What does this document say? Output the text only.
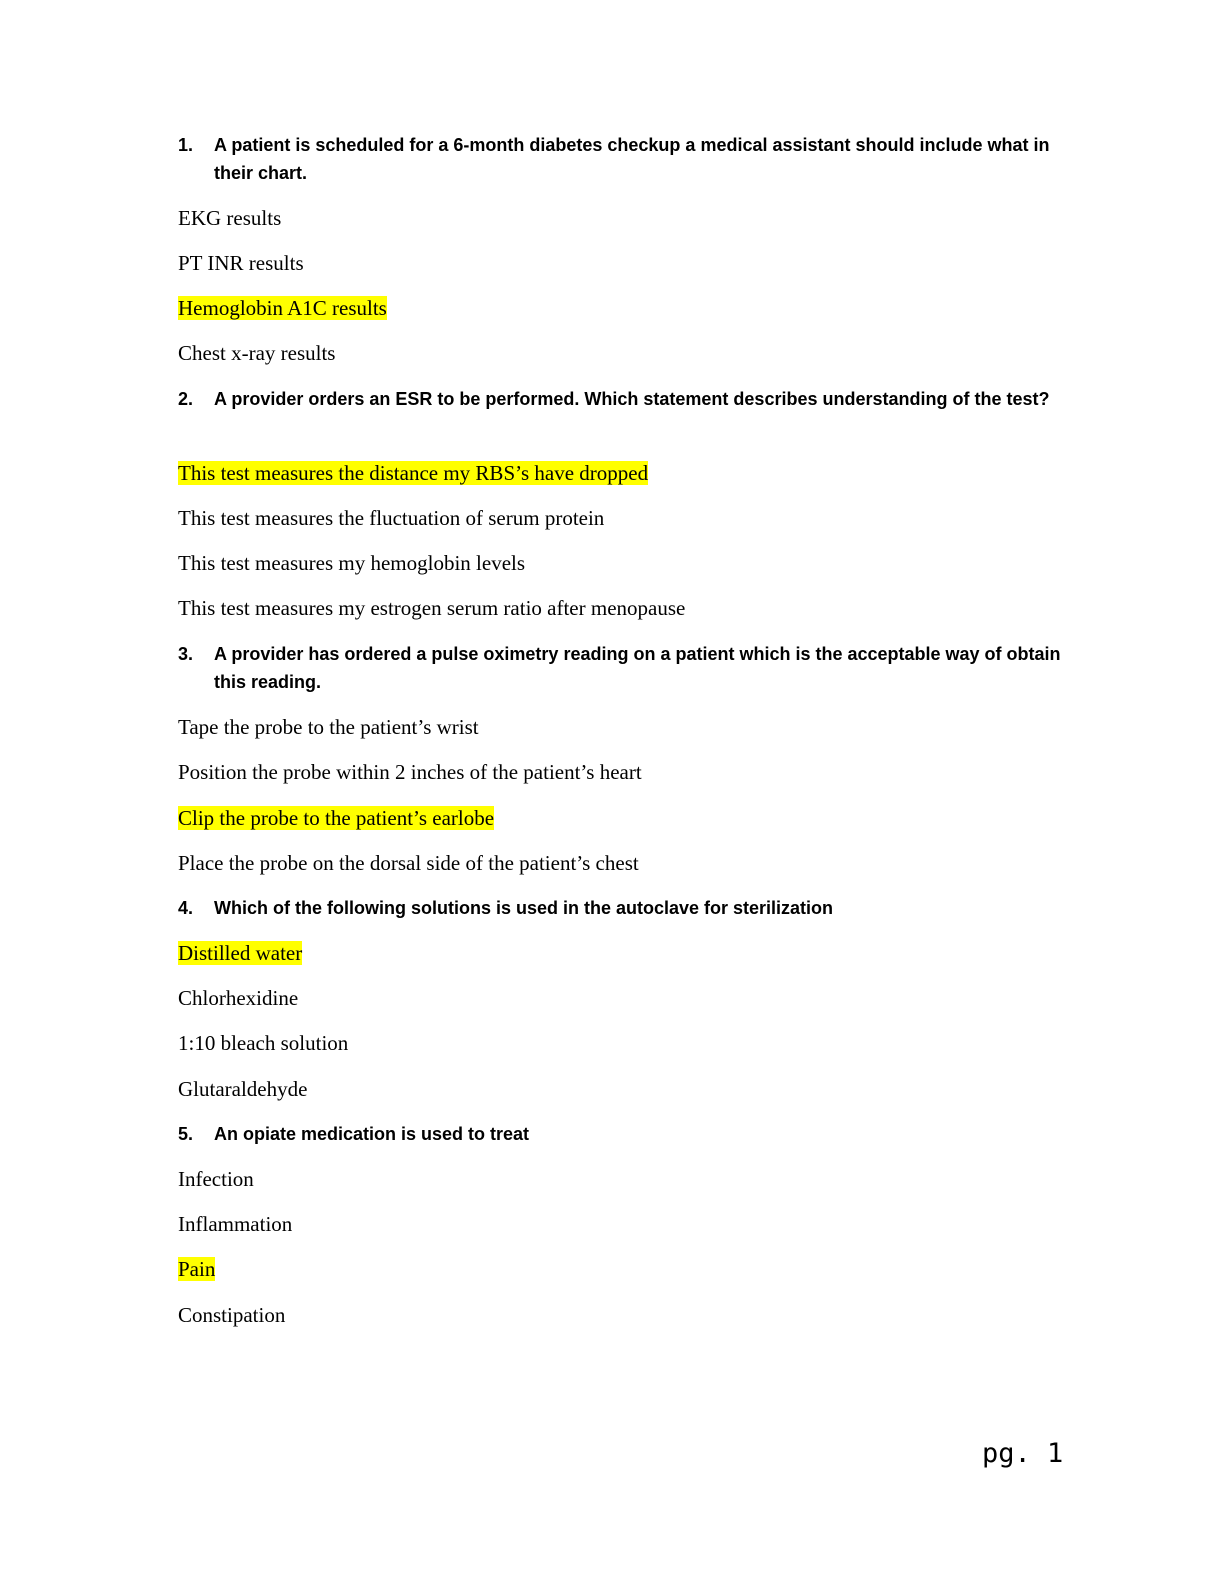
1.	A patient is scheduled for a 6-month diabetes checkup a medical assistant should include what in their chart.
EKG results
PT INR results
Hemoglobin A1C results
Chest x-ray results
2.	A provider orders an ESR to be performed. Which statement describes understanding of the test?
This test measures the distance my RBS’s have dropped
This test measures the fluctuation of serum protein
This test measures my hemoglobin levels
This test measures my estrogen serum ratio after menopause
3.	A provider has ordered a pulse oximetry reading on a patient which is the acceptable way of obtain this reading.
Tape the probe to the patient’s wrist
Position the probe within 2 inches of the patient’s heart
Clip the probe to the patient’s earlobe
Place the probe on the dorsal side of the patient’s chest
4.	Which of the following solutions is used in the autoclave for sterilization
Distilled water
Chlorhexidine
1:10 bleach solution
Glutaraldehyde
5.	An opiate medication is used to treat
Infection
Inflammation
Pain
Constipation
pg. 1
